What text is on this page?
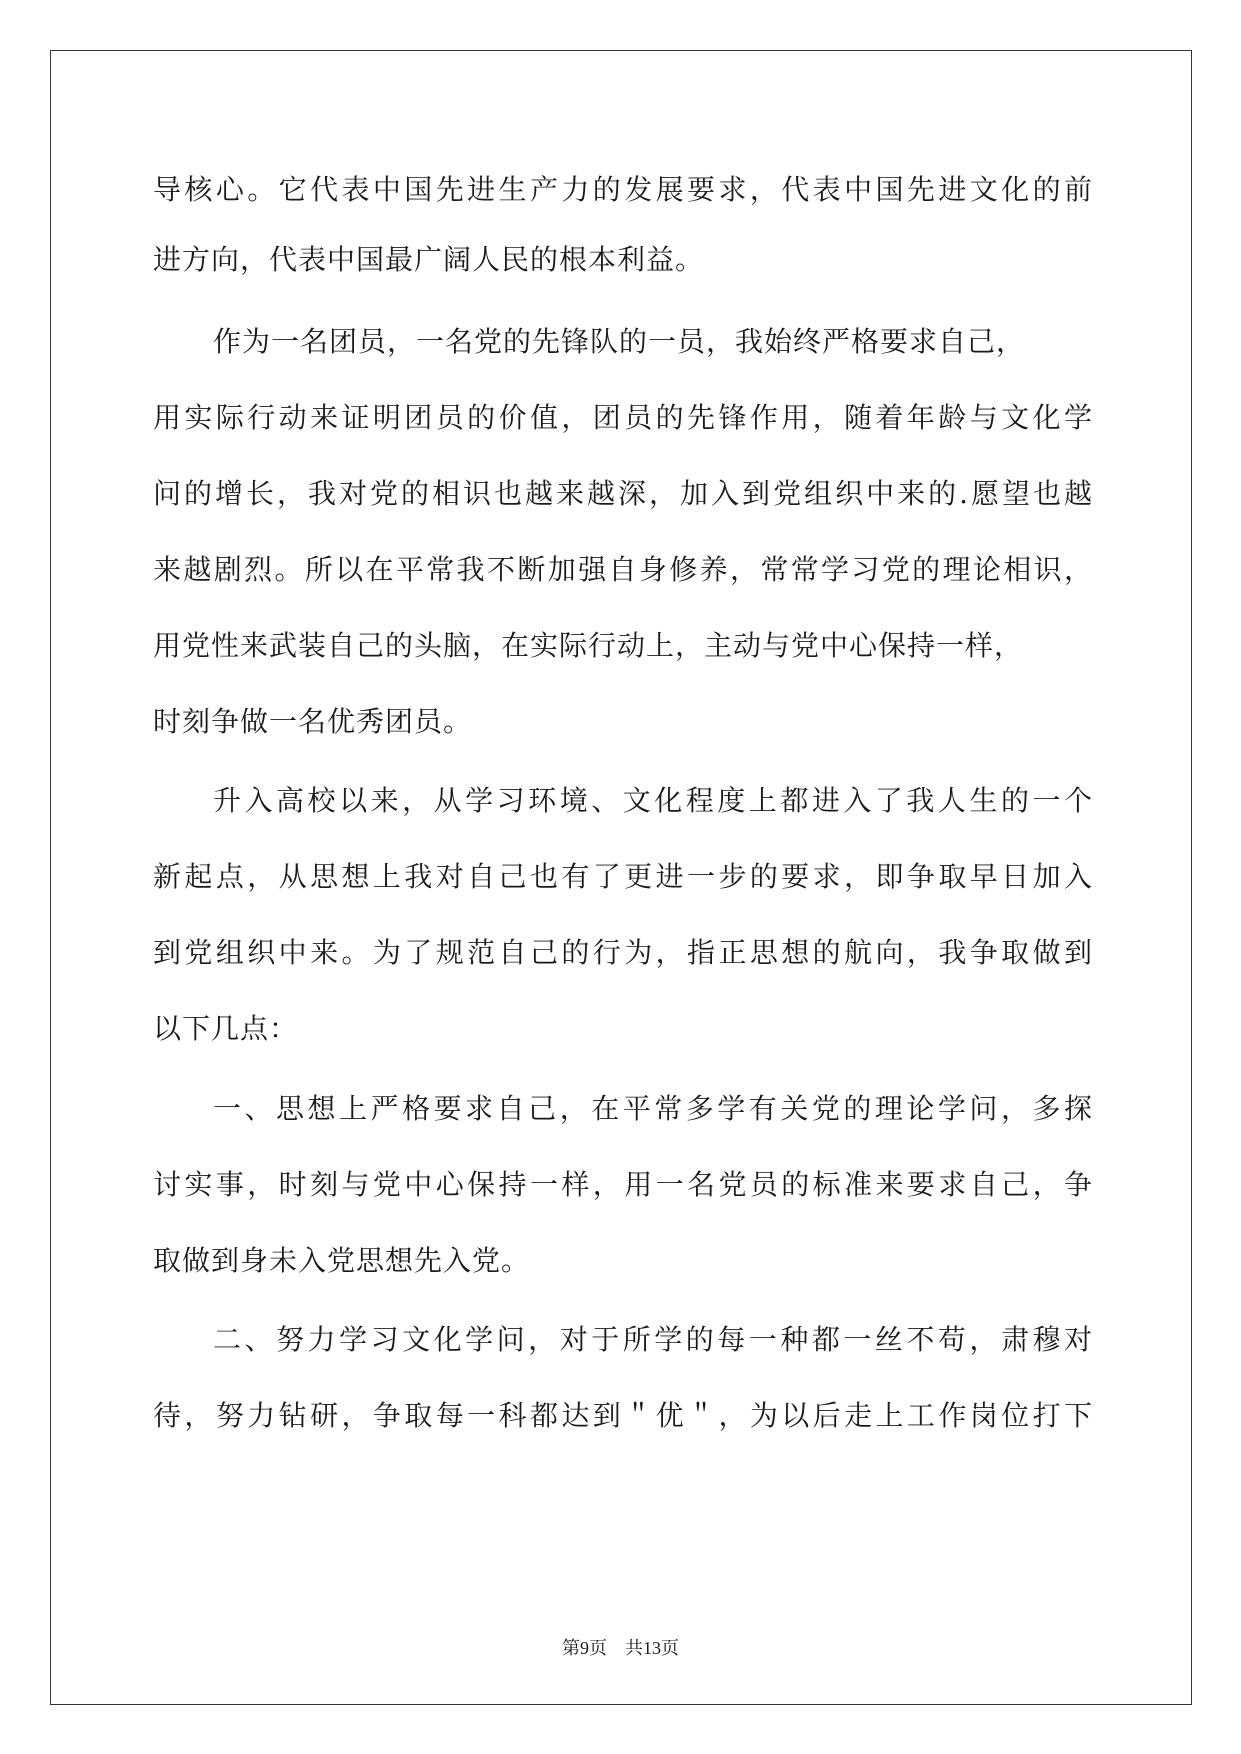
导核心。它代表中国先进生产力的发展要求，代表中国先进文化的前
进方向，代表中国最广阔人民的根本利益。
作为一名团员，一名党的先锋队的一员，我始终严格要求自己，
用实际行动来证明团员的价值，团员的先锋作用，随着年龄与文化学
问的增长，我对党的相识也越来越深，加入到党组织中来的.愿望也越
来越剧烈。所以在平常我不断加强自身修养，常常学习党的理论相识，
用党性来武装自己的头脑，在实际行动上，主动与党中心保持一样，
时刻争做一名优秀团员。
升入高校以来，从学习环境、文化程度上都进入了我人生的一个
新起点，从思想上我对自己也有了更进一步的要求，即争取早日加入
到党组织中来。为了规范自己的行为，指正思想的航向，我争取做到
以下几点：
一、思想上严格要求自己，在平常多学有关党的理论学问，多探
讨实事，时刻与党中心保持一样，用一名党员的标准来要求自己，争
取做到身未入党思想先入党。
二、努力学习文化学问，对于所学的每一种都一丝不苟，肃穆对
待，努力钻研，争取每一科都达到＂优＂，为以后走上工作岗位打下
第9页　共13页
